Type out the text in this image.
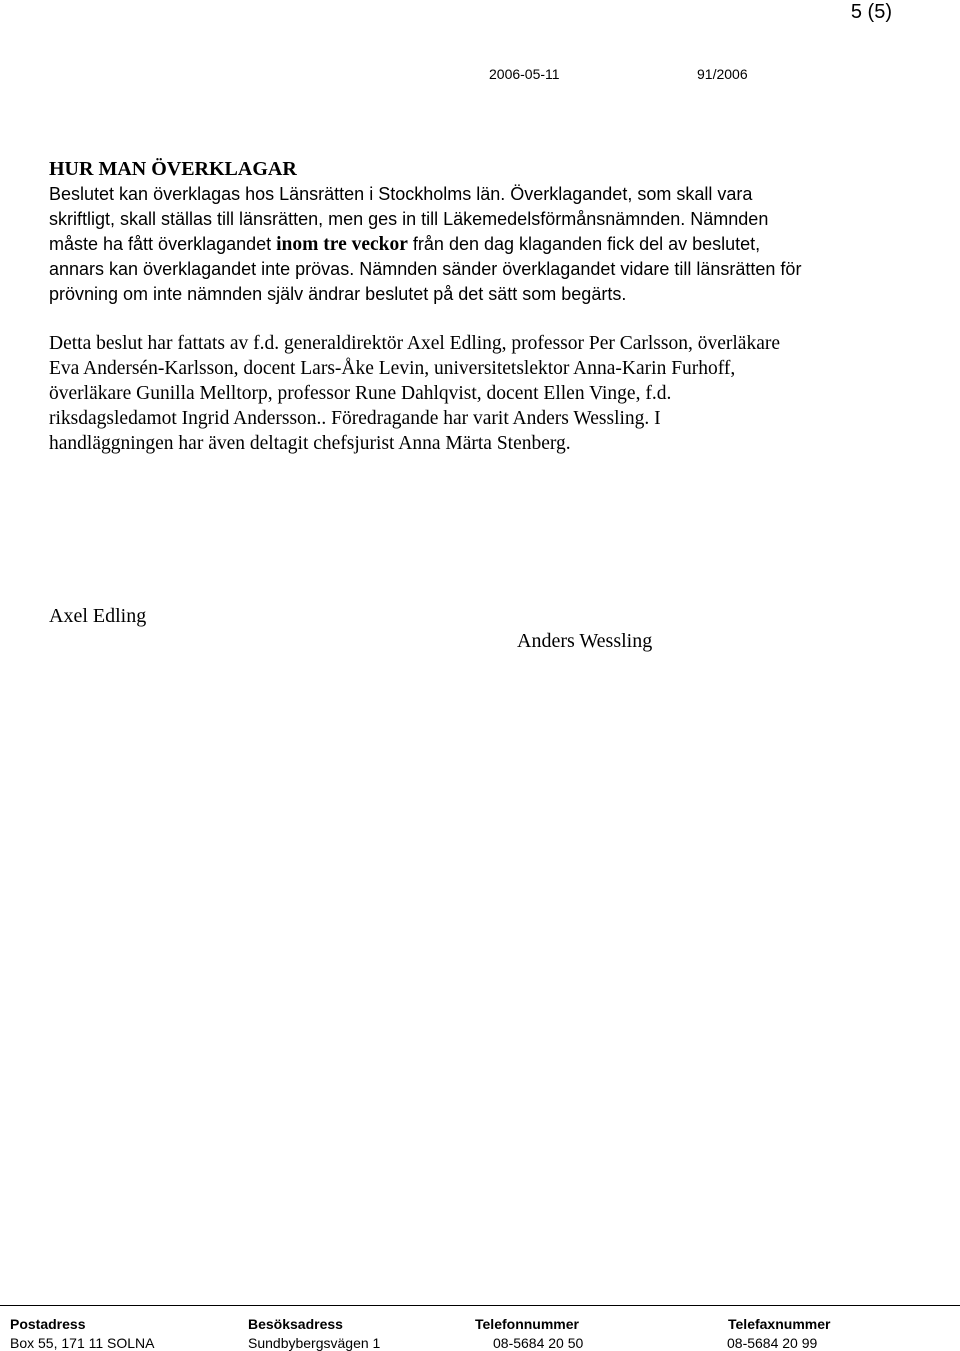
5 (5)
2006-05-11	91/2006
HUR MAN ÖVERKLAGAR
Beslutet kan överklagas hos Länsrätten i Stockholms län. Överklagandet, som skall vara
skriftligt, skall ställas till länsrätten, men ges in till Läkemedelsförmånsnämnden. Nämnden
måste ha fått överklagandet inom tre veckor från den dag klaganden fick del av beslutet,
annars kan överklagandet inte prövas. Nämnden sänder överklagandet vidare till länsrätten för
prövning om inte nämnden själv ändrar beslutet på det sätt som begärts.
Detta beslut har fattats av f.d. generaldirektör Axel Edling, professor Per Carlsson, överläkare
Eva Andersén-Karlsson, docent Lars-Åke Levin, universitetslektor Anna-Karin Furhoff,
överläkare Gunilla Melltorp, professor Rune Dahlqvist, docent Ellen Vinge, f.d.
riksdagsledamot Ingrid Andersson.. Föredragande har varit Anders Wessling. I
handläggningen har även deltagit chefsjurist Anna Märta Stenberg.
Axel Edling
Anders Wessling
Postadress
Box 55, 171 11 SOLNA
Besöksadress
Sundbybergsvägen 1
Telefonnummer
08-5684 20 50
Telefaxnummer
08-5684 20 99
